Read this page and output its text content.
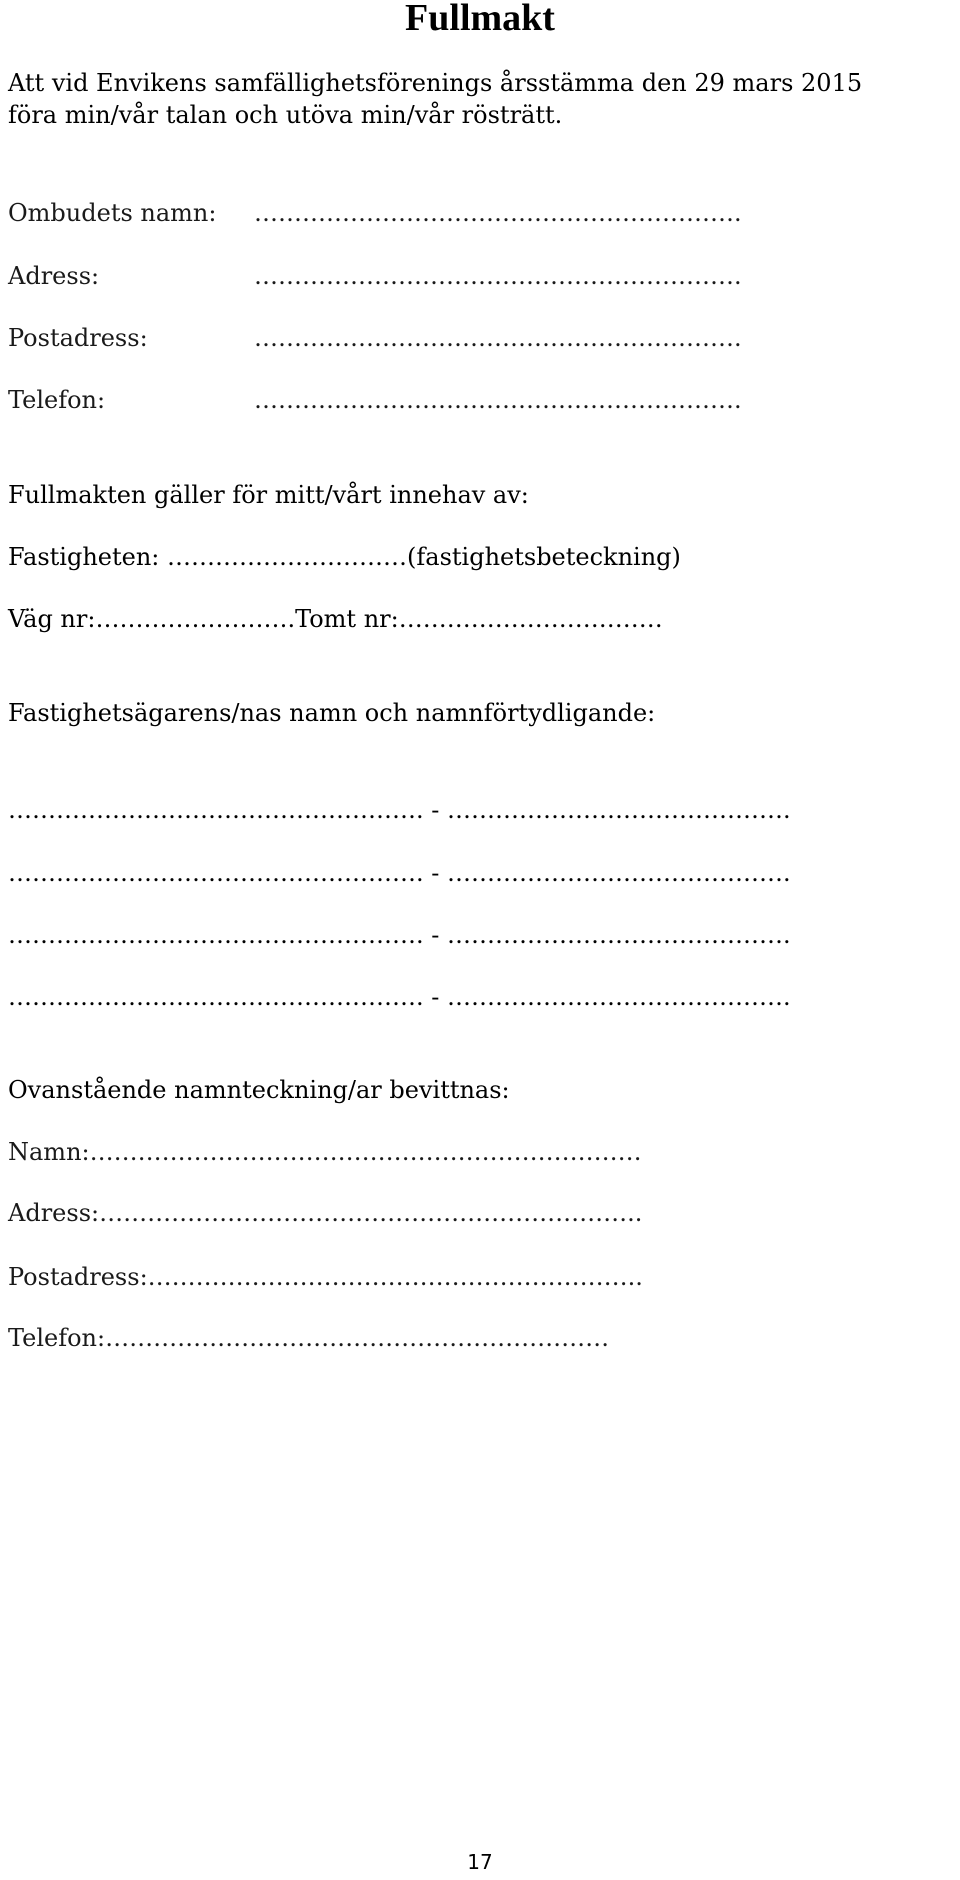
Fullmakt
Att vid Envikens samfällighetsförenings årsstämma den 29 mars 2015
föra min/vår talan och utöva min/vår rösträtt.
Ombudets namn: …………………………………………………….
Adress:	…………………………………………………….
Postadress:	…………………………………………………….
Telefon:	…………………………………………………….
Fullmakten gäller för mitt/vårt innehav av:
Fastigheten: …………………………(fastighetsbeteckning)
Väg nr:…………………….Tomt nr:……………………………
Fastighetsägarens/nas namn och namnförtydligande:
……………………………………………. - …………………………………….
……………………………………………. - …………………………………….
……………………………………………. - …………………………………….
……………………………………………. - …………………………………….
Ovanstående namnteckning/ar bevittnas:
Namn:……………………………………………………………
Adress:…………………………………………………………..
Postadress:……………………………………………………..
Telefon:………………………………………………………
17
